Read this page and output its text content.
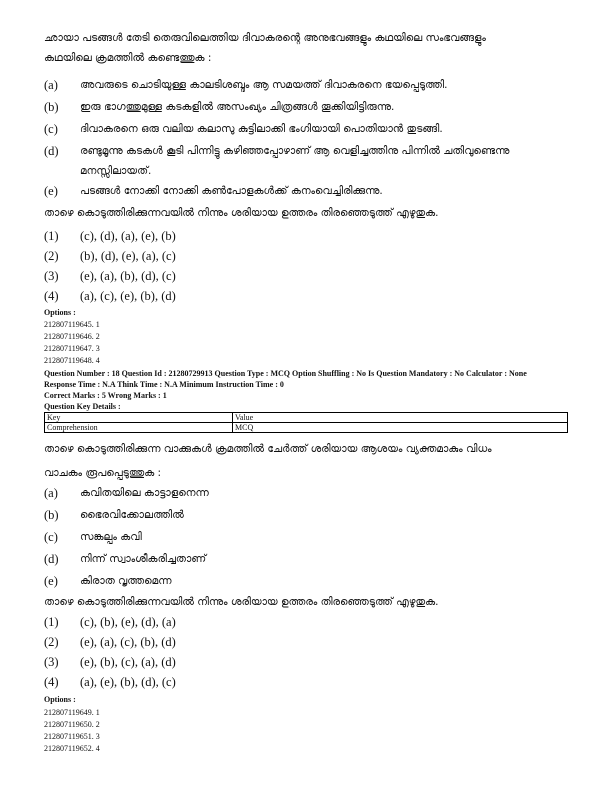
ഛായാ പടങ്ങൾ തേടി തെരുവിലെത്തിയ ദിവാകരന്റെ അനുഭവങ്ങളും കഥയിലെ സംഭവങ്ങളും
കഥയിലെ ക്രമത്തിൽ കണ്ടെത്തുക :
(a)	അവരുടെ ചൊടിയുള്ള കാലടിശബ്ദം ആ സമയത്ത് ദിവാകരനെ ഭയപ്പെടുത്തി.
(b)	ഇരു ഭാഗത്തുമുള്ള കടകളിൽ അസംഖ്യം ചിത്രങ്ങൾ തൂക്കിയിട്ടിരുന്നു.
(c)	ദിവാകരനെ ഒരു വലിയ കലാസു കുട്ടിലാക്കി ഭംഗിയായി പൊതിയാൻ തുടങ്ങി.
(d)	രണ്ടുമൂന്നു കടകൾ കൂടി പിന്നിട്ടു കഴിഞ്ഞപ്പോഴാണ് ആ വെളിച്ചത്തിനു പിന്നിൽ ചതിവുണ്ടെന്നു മനസ്സിലായത്.
(e)	പടങ്ങൾ നോക്കി നോക്കി കൺപോളകൾക്ക് കനംവെച്ചിരിക്കുന്നു.
താഴെ കൊടുത്തിരിക്കുന്നവയിൽ നിന്നും ശരിയായ ഉത്തരം തിരഞ്ഞെടുത്ത് എഴുതുക.
(1)	(c), (d), (a), (e), (b)
(2)	(b), (d), (e), (a), (c)
(3)	(e), (a), (b), (d), (c)
(4)	(a), (c), (e), (b), (d)
Options :
212807119645. 1
212807119646. 2
212807119647. 3
212807119648. 4
Question Number : 18 Question Id : 21280729913 Question Type : MCQ Option Shuffling : No Is Question Mandatory : No Calculator : None
Response Time : N.A Think Time : N.A Minimum Instruction Time : 0
Correct Marks : 5 Wrong Marks : 1
Question Key Details :
Key	Value
Comprehension	MCQ
താഴെ കൊടുത്തിരിക്കുന്ന വാക്കുകൾ ക്രമത്തിൽ ചേർത്ത് ശരിയായ ആശയം വ്യക്തമാകും വിധം
വാചകം രൂപപ്പെടുത്തുക :
(a)	കവിതയിലെ കാട്ടാളനെന്ന
(b)	ഭൈരവിക്കോലത്തിൽ
(c)	സങ്കല്പം കവി
(d)	നിന്ന് സ്വാംശീകരിച്ചതാണ്
(e)	കിരാത വൃത്തമെന്ന
താഴെ കൊടുത്തിരിക്കുന്നവയിൽ നിന്നും ശരിയായ ഉത്തരം തിരഞ്ഞെടുത്ത് എഴുതുക.
(1)	(c), (b), (e), (d), (a)
(2)	(e), (a), (c), (b), (d)
(3)	(e), (b), (c), (a), (d)
(4)	(a), (e), (b), (d), (c)
Options :
212807119649. 1
212807119650. 2
212807119651. 3
212807119652. 4
